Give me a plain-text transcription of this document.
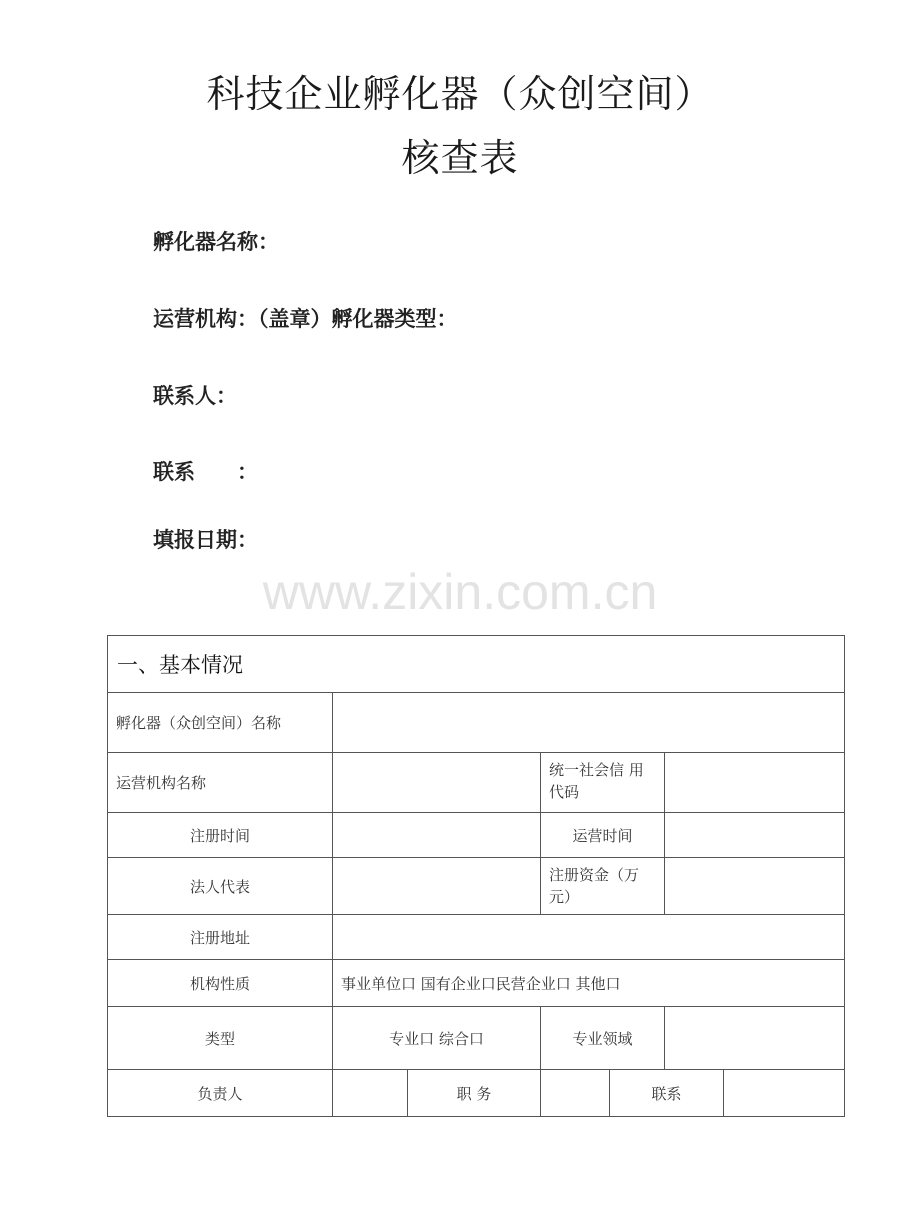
科技企业孵化器（众创空间）
核查表
孵化器名称：
运营机构：（盖章）孵化器类型：
联系人：
联系　　：
填报日期：
www.zixin.com.cn
一、基本情况						
孵化器（众创空间）名称						
运营机构名称			统一社会信 用代码			
注册时间			运营时间			
法人代表			注册资金（万元）			
注册地址						
机构性质	事业单位口 国有企业口民营企业口 其他口					
类型	专业口 综合口		专业领域			
负责人		职 务		联系		
